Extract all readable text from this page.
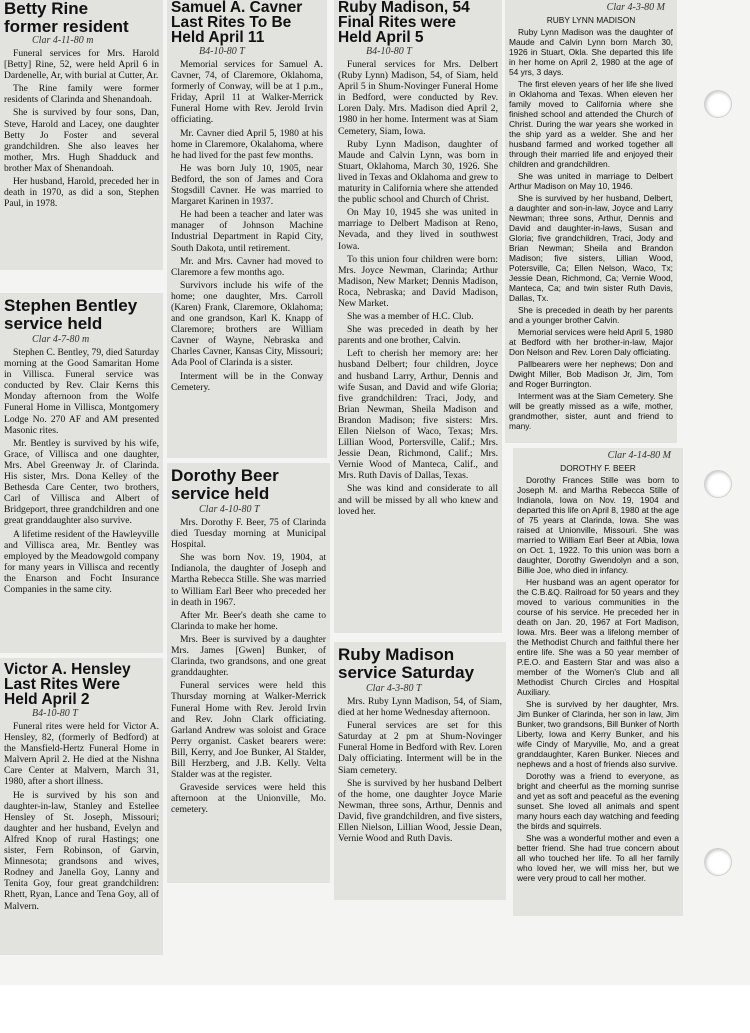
Betty Rine
former resident
Clar 4-11-80 m

Funeral services for Mrs. Harold [Betty] Rine, 52, were held April 6 in Dardenelle, Ar, with burial at Cutter, Ar.

The Rine family were former residents of Clarinda and Shenandoah.

She is survived by four sons, Dan, Steve, Harold and Lacey, one daughter Betty Jo Foster and several grandchildren. She also leaves her mother, Mrs. Hugh Shadduck and brother Max of Shenandoah.

Her husband, Harold, preceded her in death in 1970, as did a son, Stephen Paul, in 1978.

Stephen Bentley
service held
Clar 4-7-80 m

Stephen C. Bentley, 79, died Saturday morning at the Good Samaritan Home in Villisca. Funeral service was conducted by Rev. Clair Kerns this Monday afternoon from the Wolfe Funeral Home in Villisca, Montgomery Lodge No. 270 AF and AM presented Masonic rites.

Mr. Bentley is survived by his wife, Grace, of Villisca and one daughter, Mrs. Abel Greenway Jr. of Clarinda. His sister, Mrs. Dona Kelley of the Bethesda Care Center, two brothers, Carl of Villisca and Albert of Bridgeport, three grandchildren and one great granddaughter also survive.

A lifetime resident of the Hawleyville and Villisca area, Mr. Bentley was employed by the Meadowgold company for many years in Villisca and recently the Enarson and Focht Insurance Companies in the same city.

Victor A. Hensley
Last Rites Were
Held April 2
B4-10-80 T

Funeral rites were held for Victor A. Hensley, 82, (formerly of Bedford) at the Mansfield-Hertz Funeral Home in Malvern April 2. He died at the Nishna Care Center at Malvern, March 31, 1980, after a short illness.

He is survived by his son and daughter-in-law, Stanley and Estellee Hensley of St. Joseph, Missouri; daughter and her husband, Evelyn and Alfred Knop of rural Hastings; one sister, Fern Robinson, of Garvin, Minnesota; grandsons and wives, Rodney and Janella Goy, Lanny and Tenita Goy, four great grandchildren: Rhett, Ryan, Lance and Tena Goy, all of Malvern.

Samuel A. Cavner
Last Rites To Be
Held April 11
B4-10-80 T

Memorial services for Samuel A. Cavner, 74, of Claremore, Oklahoma, formerly of Conway, will be at 1 p.m., Friday, April 11 at Walker-Merrick Funeral Home with Rev. Jerold Irvin officiating.

Mr. Cavner died April 5, 1980 at his home in Claremore, Okalahoma, where he had lived for the past few months.

He was born July 10, 1905, near Bedford, the son of James and Cora Stogsdill Cavner. He was married to Margaret Karinen in 1937.

He had been a teacher and later was manager of Johnson Machine Industrial Department in Rapid City, South Dakota, until retirement.

Mr. and Mrs. Cavner had moved to Claremore a few months ago.

Survivors include his wife of the home; one daughter, Mrs. Carroll (Karen) Frank, Claremore, Oklahoma; and one grandson, Karl K. Knapp of Claremore; brothers are William Cavner of Wayne, Nebraska and Charles Cavner, Kansas City, Missouri; Ada Pool of Clarinda is a sister.

Interment will be in the Conway Cemetery.

Dorothy Beer
service held
Clar 4-10-80 T

Mrs. Dorothy F. Beer, 75 of Clarinda died Tuesday morning at Municipal Hospital.

She was born Nov. 19, 1904, at Indianola, the daughter of Joseph and Martha Rebecca Stille. She was married to William Earl Beer who preceded her in death in 1967.

After Mr. Beer's death she came to Clarinda to make her home.

Mrs. Beer is survived by a daughter Mrs. James [Gwen] Bunker, of Clarinda, two grandsons, and one great granddaughter.

Funeral services were held this Thursday morning at Walker-Merrick Funeral Home with Rev. Jerold Irvin and Rev. John Clark officiating. Garland Andrew was soloist and Grace Perry organist. Casket bearers were: Bill, Kerry, and Joe Bunker, Al Stalder, Bill Herzberg, and J.B. Kelly. Velta Stalder was at the register.

Graveside services were held this afternoon at the Unionville, Mo. cemetery.

Ruby Madison, 54
Final Rites were
Held April 5
B4-10-80 T

Funeral services for Mrs. Delbert (Ruby Lynn) Madison, 54, of Siam, held April 5 in Shum-Novinger Funeral Home in Bedford, were conducted by Rev. Loren Daly. Mrs. Madison died April 2, 1980 in her home. Interment was at Siam Cemetery, Siam, Iowa.

Ruby Lynn Madison, daughter of Maude and Calvin Lynn, was born in Stuart, Oklahoma, March 30, 1926. She lived in Texas and Oklahoma and grew to maturity in California where she attended the public school and Church of Christ.

On May 10, 1945 she was united in marriage to Delbert Madison at Reno, Nevada, and they lived in southwest Iowa.

To this union four children were born: Mrs. Joyce Newman, Clarinda; Arthur Madison, New Market; Dennis Madison, Roca, Nebraska; and David Madison, New Market.

She was a member of H.C. Club.

She was preceded in death by her parents and one brother, Calvin.

Left to cherish her memory are: her husband Delbert; four children, Joyce and husband Larry, Arthur, Dennis and wife Susan, and David and wife Gloria; five grandchildren: Traci, Jody, and Brian Newman, Sheila Madison and Brandon Madison; five sisters: Mrs. Ellen Nielson of Waco, Texas; Mrs. Lillian Wood, Portersville, Calif.; Mrs. Jessie Dean, Richmond, Calif.; Mrs. Vernie Wood of Manteca, Calif., and Mrs. Ruth Davis of Dallas, Texas.

She was kind and considerate to all and will be missed by all who knew and loved her.

Ruby Madison
service Saturday
Clar 4-3-80 T

Mrs. Ruby Lynn Madison, 54, of Siam, died at her home Wednesday afternoon.

Funeral services are set for this Saturday at 2 pm at Shum-Novinger Funeral Home in Bedford with Rev. Loren Daly officiating. Interment will be in the Siam cemetery.

She is survived by her husband Delbert of the home, one daughter Joyce Marie Newman, three sons, Arthur, Dennis and David, five grandchildren, and five sisters, Ellen Nielson, Lillian Wood, Jessie Dean, Vernie Wood and Ruth Davis.

Clar 4-3-80 M
RUBY LYNN MADISON

Ruby Lynn Madison was the daughter of Maude and Calvin Lynn born March 30, 1926 in Stuart, Okla. She departed this life in her home on April 2, 1980 at the age of 54 yrs, 3 days.

The first eleven years of her life she lived in Oklahoma and Texas. When eleven her family moved to California where she finished school and attended the Church of Christ. During the war years she worked in the ship yard as a welder. She and her husband farmed and worked together all through their married life and enjoyed their children and grandchildren.

She was united in marriage to Delbert Arthur Madison on May 10, 1946.

She is survived by her husband, Delbert, a daughter and son-in-law, Joyce and Larry Newman; three sons, Arthur, Dennis and David and daughter-in-laws, Susan and Gloria; five grandchildren, Traci, Jody and Brian Newman; Sheila and Brandon Madison; five sisters, Lillian Wood, Potersville, Ca; Ellen Nelson, Waco, Tx; Jessie Dean, Richmond, Ca; Vernie Wood, Manteca, Ca; and twin sister Ruth Davis, Dallas, Tx.

She is preceded in death by her parents and a younger brother Calvin.

Memorial services were held April 5, 1980 at Bedford with her brother-in-law, Major Don Nelson and Rev. Loren Daly officiating.

Pallbearers were her nephews; Don and Dwight Miller, Bob Madison Jr, Jim, Tom and Roger Burrington.

Interment was at the Siam Cemetery. She will be greatly missed as a wife, mother, grandmother, sister, aunt and friend to many.

Clar 4-14-80 M
DOROTHY F. BEER

Dorothy Frances Stille was born to Joseph M. and Martha Rebecca Stille of Indianola, Iowa on Nov. 19, 1904 and departed this life on April 8, 1980 at the age of 75 years at Clarinda, Iowa. She was raised at Unionville, Missouri. She was married to William Earl Beer at Albia, Iowa on Oct. 1, 1922. To this union was born a daughter, Dorothy Gwendolyn and a son, Billie Joe, who died in infancy.

Her husband was an agent operator for the C.B.&Q. Railroad for 50 years and they moved to various communities in the course of his service. He preceded her in death on Jan. 20, 1967 at Fort Madison, Iowa. Mrs. Beer was a lifelong member of the Methodist Church and faithful there her entire life. She was a 50 year member of P.E.O. and Eastern Star and was also a member of the Women's Club and all Methodist Church Circles and Hospital Auxiliary.

She is survived by her daughter, Mrs. Jim Bunker of Clarinda, her son in law, Jim Bunker, two grandsons, Bill Bunker of North Liberty, Iowa and Kerry Bunker, and his wife Cindy of Maryville, Mo, and a great granddaughter, Karen Bunker. Nieces and nephews and a host of friends also survive.

Dorothy was a friend to everyone, as bright and cheerful as the morning sunrise and yet as soft and peaceful as the evening sunset. She loved all animals and spent many hours each day watching and feeding the birds and squirrels.

She was a wonderful mother and even a better friend. She had true concern about all who touched her life. To all her family who loved her, we will miss her, but we were very proud to call her mother.
